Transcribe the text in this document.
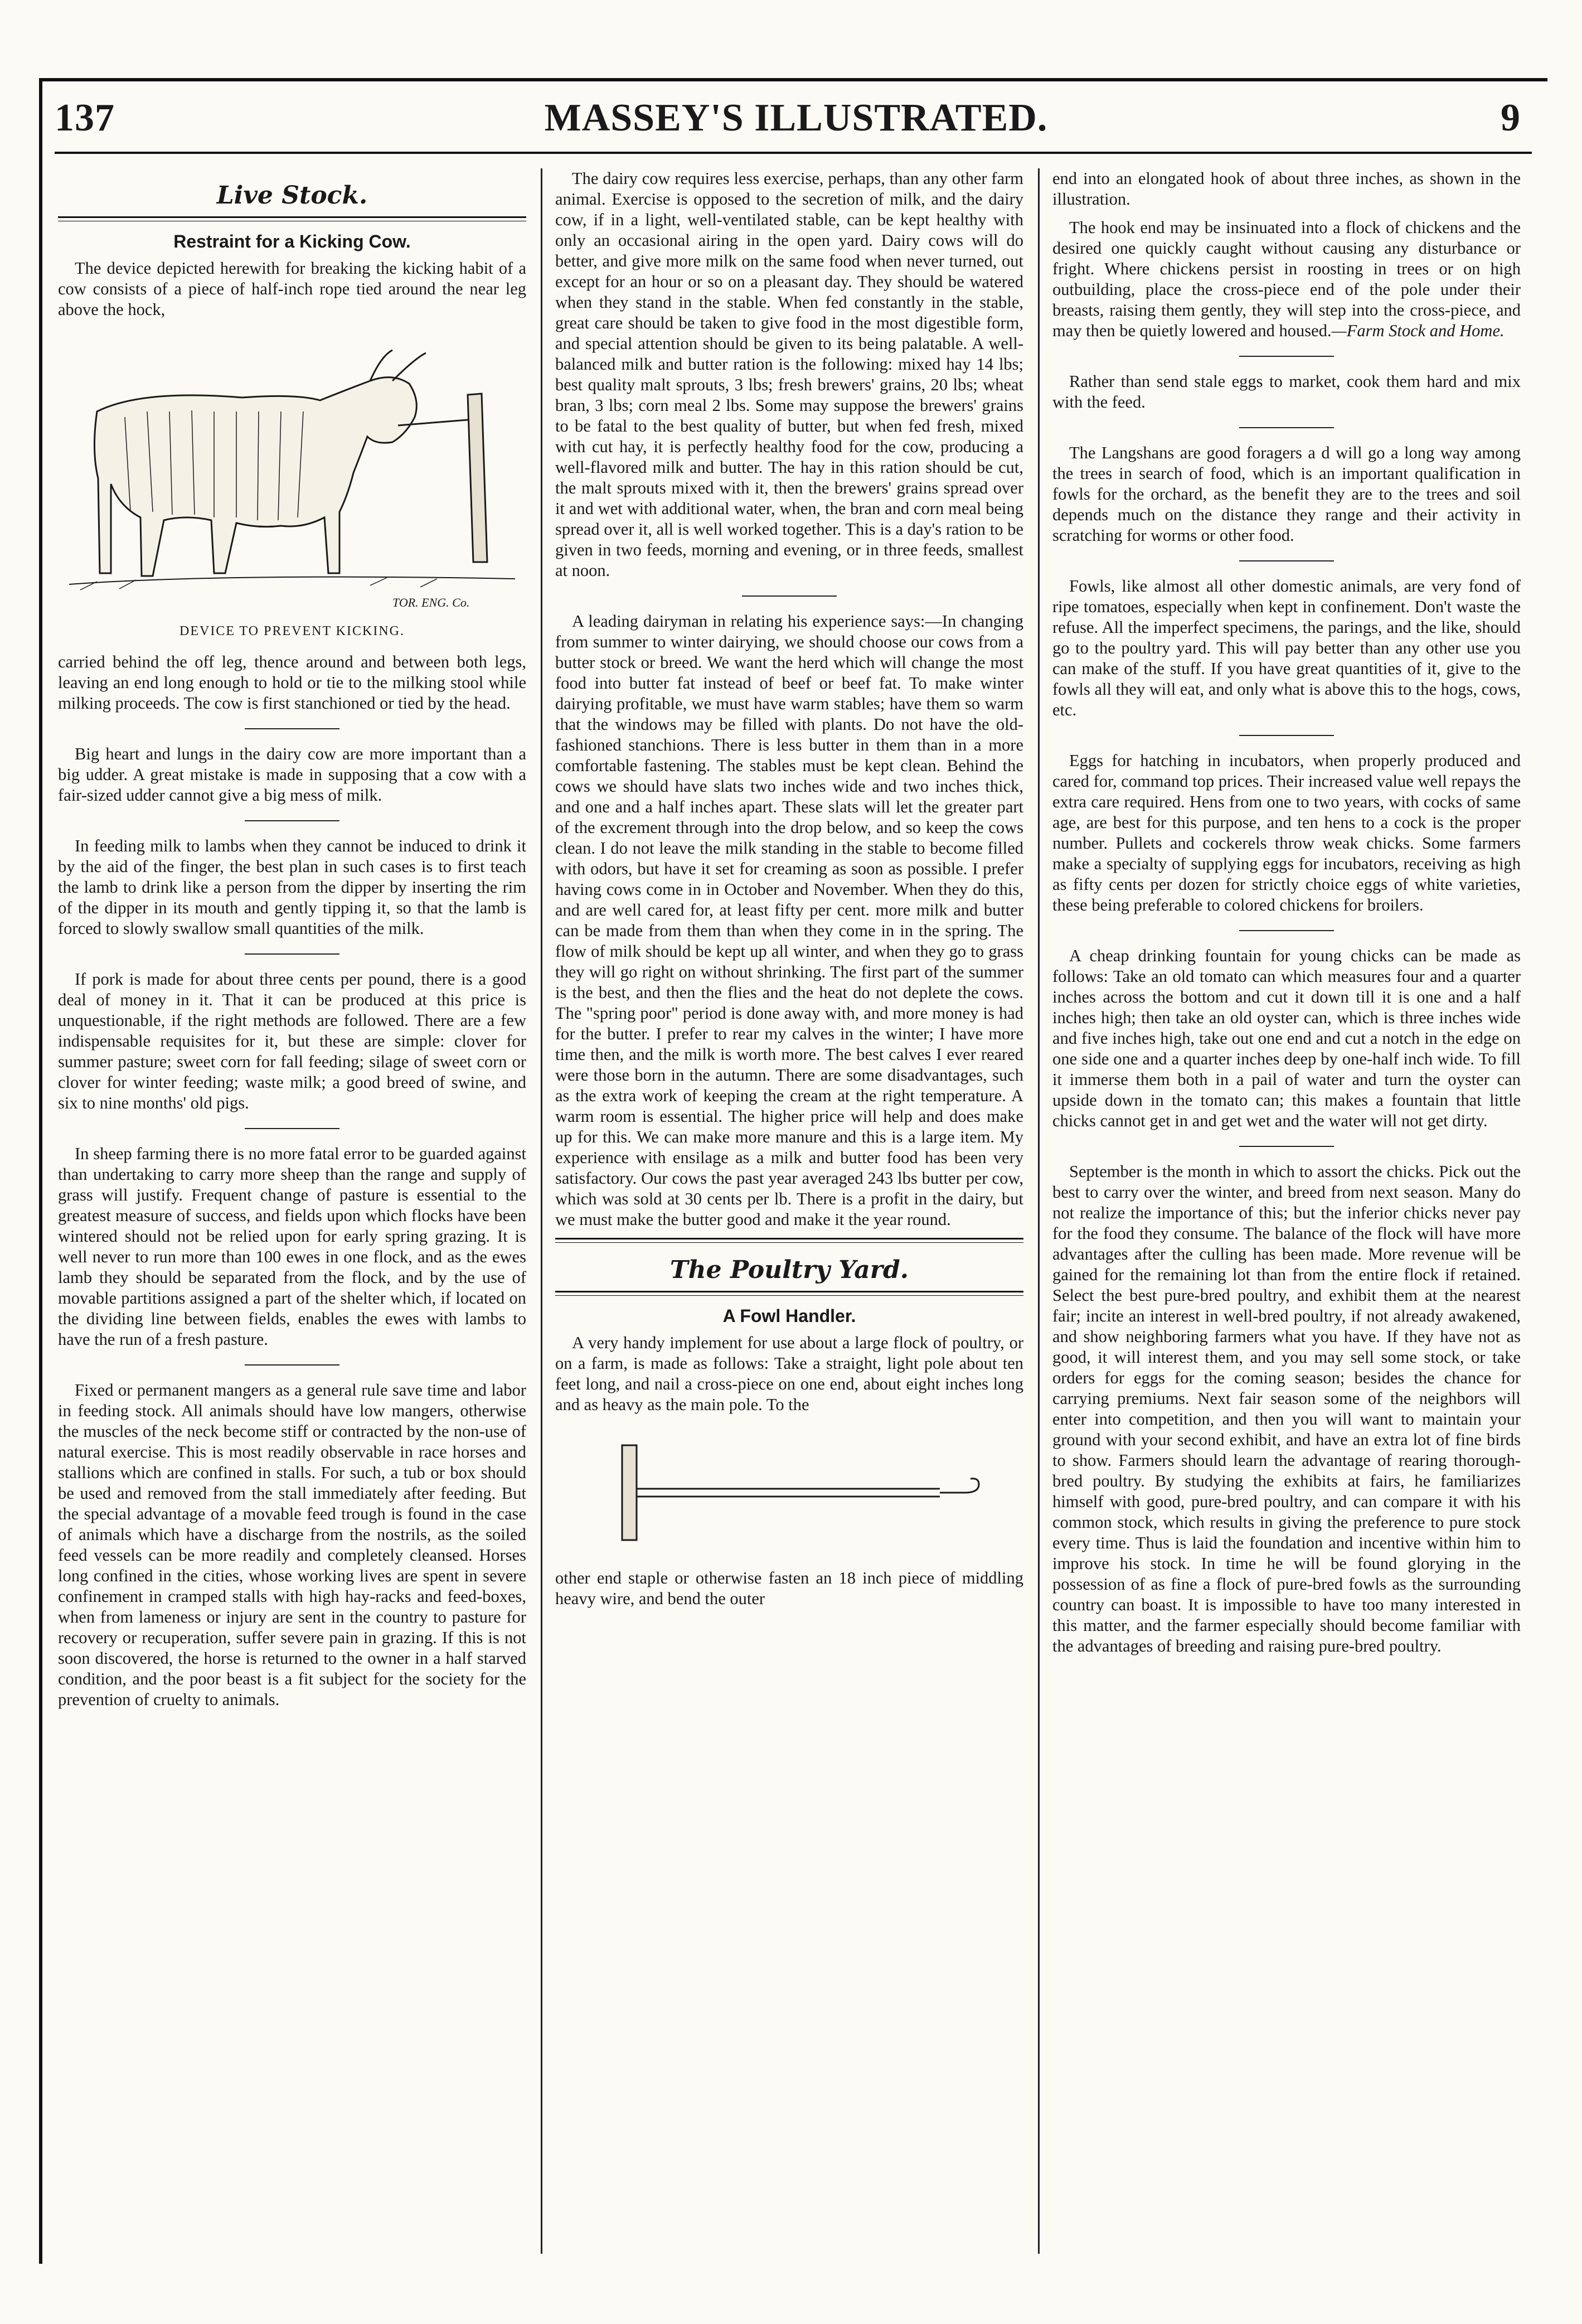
137	MASSEY'S ILLUSTRATED.	9
Live Stock.
Restraint for a Kicking Cow.

The device depicted herewith for breaking the kicking habit of a cow consists of a piece of half-inch rope tied around the near leg above the hock,

TOR. ENG. Co.
DEVICE TO PREVENT KICKING.

carried behind the off leg, thence around and between both legs, leaving an end long enough to hold or tie to the milking stool while milking proceeds. The cow is first stanchioned or tied by the head.

Big heart and lungs in the dairy cow are more important than a big udder. A great mistake is made in supposing that a cow with a fair-sized udder cannot give a big mess of milk.

In feeding milk to lambs when they cannot be induced to drink it by the aid of the finger, the best plan in such cases is to first teach the lamb to drink like a person from the dipper by inserting the rim of the dipper in its mouth and gently tipping it, so that the lamb is forced to slowly swallow small quantities of the milk.

If pork is made for about three cents per pound, there is a good deal of money in it. That it can be produced at this price is unquestionable, if the right methods are followed. There are a few indispensable requisites for it, but these are simple: clover for summer pasture; sweet corn for fall feeding; silage of sweet corn or clover for winter feeding; waste milk; a good breed of swine, and six to nine months' old pigs.

In sheep farming there is no more fatal error to be guarded against than undertaking to carry more sheep than the range and supply of grass will justify. Frequent change of pasture is essential to the greatest measure of success, and fields upon which flocks have been wintered should not be relied upon for early spring grazing. It is well never to run more than 100 ewes in one flock, and as the ewes lamb they should be separated from the flock, and by the use of movable partitions assigned a part of the shelter which, if located on the dividing line between fields, enables the ewes with lambs to have the run of a fresh pasture.

Fixed or permanent mangers as a general rule save time and labor in feeding stock. All animals should have low mangers, otherwise the muscles of the neck become stiff or contracted by the non-use of natural exercise. This is most readily observable in race horses and stallions which are confined in stalls. For such, a tub or box should be used and removed from the stall immediately after feeding. But the special advantage of a movable feed trough is found in the case of animals which have a discharge from the nostrils, as the soiled feed vessels can be more readily and completely cleansed. Horses long confined in the cities, whose working lives are spent in severe confinement in cramped stalls with high hay-racks and feed-boxes, when from lameness or injury are sent in the country to pasture for recovery or recuperation, suffer severe pain in grazing. If this is not soon discovered, the horse is returned to the owner in a half starved condition, and the poor beast is a fit subject for the society for the prevention of cruelty to animals.

The dairy cow requires less exercise, perhaps, than any other farm animal. Exercise is opposed to the secretion of milk, and the dairy cow, if in a light, well-ventilated stable, can be kept healthy with only an occasional airing in the open yard. Dairy cows will do better, and give more milk on the same food when never turned, out except for an hour or so on a pleasant day. They should be watered when they stand in the stable. When fed constantly in the stable, great care should be taken to give food in the most digestible form, and special attention should be given to its being palatable. A well-balanced milk and butter ration is the following: mixed hay 14 lbs; best quality malt sprouts, 3 lbs; fresh brewers' grains, 20 lbs; wheat bran, 3 lbs; corn meal 2 lbs. Some may suppose the brewers' grains to be fatal to the best quality of butter, but when fed fresh, mixed with cut hay, it is perfectly healthy food for the cow, producing a well-flavored milk and butter. The hay in this ration should be cut, the malt sprouts mixed with it, then the brewers' grains spread over it and wet with additional water, when, the bran and corn meal being spread over it, all is well worked together. This is a day's ration to be given in two feeds, morning and evening, or in three feeds, smallest at noon.

A leading dairyman in relating his experience says:—In changing from summer to winter dairying, we should choose our cows from a butter stock or breed. We want the herd which will change the most food into butter fat instead of beef or beef fat. To make winter dairying profitable, we must have warm stables; have them so warm that the windows may be filled with plants. Do not have the old-fashioned stanchions. There is less butter in them than in a more comfortable fastening. The stables must be kept clean. Behind the cows we should have slats two inches wide and two inches thick, and one and a half inches apart. These slats will let the greater part of the excrement through into the drop below, and so keep the cows clean. I do not leave the milk standing in the stable to become filled with odors, but have it set for creaming as soon as possible. I prefer having cows come in in October and November. When they do this, and are well cared for, at least fifty per cent. more milk and butter can be made from them than when they come in in the spring. The flow of milk should be kept up all winter, and when they go to grass they will go right on without shrinking. The first part of the summer is the best, and then the flies and the heat do not deplete the cows. The "spring poor" period is done away with, and more money is had for the butter. I prefer to rear my calves in the winter; I have more time then, and the milk is worth more. The best calves I ever reared were those born in the autumn. There are some disadvantages, such as the extra work of keeping the cream at the right temperature. A warm room is essential. The higher price will help and does make up for this. We can make more manure and this is a large item. My experience with ensilage as a milk and butter food has been very satisfactory. Our cows the past year averaged 243 lbs butter per cow, which was sold at 30 cents per lb. There is a profit in the dairy, but we must make the butter good and make it the year round.

The Poultry Yard.
A Fowl Handler.

A very handy implement for use about a large flock of poultry, or on a farm, is made as follows: Take a straight, light pole about ten feet long, and nail a cross-piece on one end, about eight inches long and as heavy as the main pole. To the

other end staple or otherwise fasten an 18 inch piece of middling heavy wire, and bend the outer

end into an elongated hook of about three inches, as shown in the illustration.

The hook end may be insinuated into a flock of chickens and the desired one quickly caught without causing any disturbance or fright. Where chickens persist in roosting in trees or on high outbuilding, place the cross-piece end of the pole under their breasts, raising them gently, they will step into the cross-piece, and may then be quietly lowered and housed.—Farm Stock and Home.

Rather than send stale eggs to market, cook them hard and mix with the feed.

The Langshans are good foragers a d will go a long way among the trees in search of food, which is an important qualification in fowls for the orchard, as the benefit they are to the trees and soil depends much on the distance they range and their activity in scratching for worms or other food.

Fowls, like almost all other domestic animals, are very fond of ripe tomatoes, especially when kept in confinement. Don't waste the refuse. All the imperfect specimens, the parings, and the like, should go to the poultry yard. This will pay better than any other use you can make of the stuff. If you have great quantities of it, give to the fowls all they will eat, and only what is above this to the hogs, cows, etc.

Eggs for hatching in incubators, when properly produced and cared for, command top prices. Their increased value well repays the extra care required. Hens from one to two years, with cocks of same age, are best for this purpose, and ten hens to a cock is the proper number. Pullets and cockerels throw weak chicks. Some farmers make a specialty of supplying eggs for incubators, receiving as high as fifty cents per dozen for strictly choice eggs of white varieties, these being preferable to colored chickens for broilers.

A cheap drinking fountain for young chicks can be made as follows: Take an old tomato can which measures four and a quarter inches across the bottom and cut it down till it is one and a half inches high; then take an old oyster can, which is three inches wide and five inches high, take out one end and cut a notch in the edge on one side one and a quarter inches deep by one-half inch wide. To fill it immerse them both in a pail of water and turn the oyster can upside down in the tomato can; this makes a fountain that little chicks cannot get in and get wet and the water will not get dirty.

September is the month in which to assort the chicks. Pick out the best to carry over the winter, and breed from next season. Many do not realize the importance of this; but the inferior chicks never pay for the food they consume. The balance of the flock will have more advantages after the culling has been made. More revenue will be gained for the remaining lot than from the entire flock if retained. Select the best pure-bred poultry, and exhibit them at the nearest fair; incite an interest in well-bred poultry, if not already awakened, and show neighboring farmers what you have. If they have not as good, it will interest them, and you may sell some stock, or take orders for eggs for the coming season; besides the chance for carrying premiums. Next fair season some of the neighbors will enter into competition, and then you will want to maintain your ground with your second exhibit, and have an extra lot of fine birds to show. Farmers should learn the advantage of rearing thorough-bred poultry. By studying the exhibits at fairs, he familiarizes himself with good, pure-bred poultry, and can compare it with his common stock, which results in giving the preference to pure stock every time. Thus is laid the foundation and incentive within him to improve his stock. In time he will be found glorying in the possession of as fine a flock of pure-bred fowls as the surrounding country can boast. It is impossible to have too many interested in this matter, and the farmer especially should become familiar with the advantages of breeding and raising pure-bred poultry.
